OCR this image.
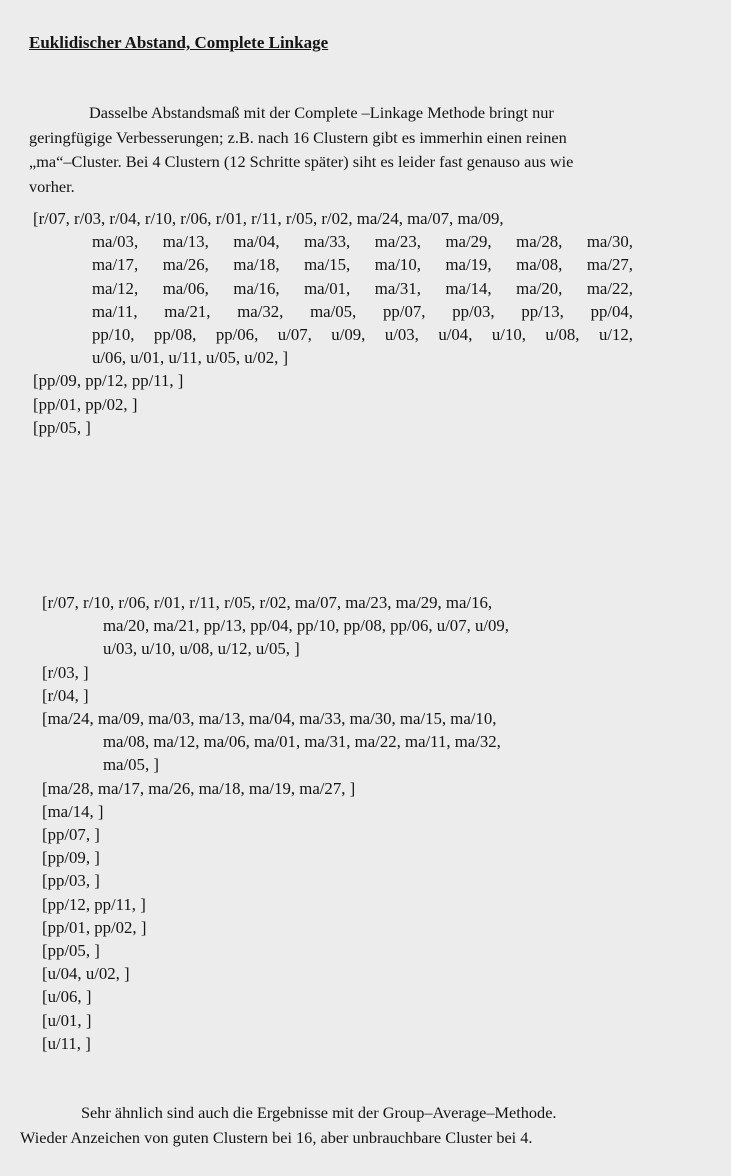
Euklidischer Abstand, Complete Linkage
Dasselbe Abstandsmaß mit der Complete –Linkage Methode bringt nur
geringfügige Verbesserungen; z.B. nach 16 Clustern gibt es immerhin einen reinen
„ma“–Cluster. Bei 4 Clustern (12 Schritte später) siht es leider fast genauso aus wie
vorher.
[r/07, r/03, r/04, r/10, r/06, r/01, r/11, r/05, r/02, ma/24, ma/07, ma/09,
ma/03, ma/13, ma/04, ma/33, ma/23, ma/29, ma/28, ma/30,
ma/17, ma/26, ma/18, ma/15, ma/10, ma/19, ma/08, ma/27,
ma/12, ma/06, ma/16, ma/01, ma/31, ma/14, ma/20, ma/22,
ma/11, ma/21, ma/32, ma/05, pp/07, pp/03, pp/13, pp/04,
pp/10, pp/08, pp/06, u/07, u/09, u/03, u/04, u/10, u/08, u/12,
u/06, u/01, u/11, u/05, u/02, ]
[pp/09, pp/12, pp/11, ]
[pp/01, pp/02, ]
[pp/05, ]
[r/07, r/10, r/06, r/01, r/11, r/05, r/02, ma/07, ma/23, ma/29, ma/16,
ma/20, ma/21, pp/13, pp/04, pp/10, pp/08, pp/06, u/07, u/09,
u/03, u/10, u/08, u/12, u/05, ]
[r/03, ]
[r/04, ]
[ma/24, ma/09, ma/03, ma/13, ma/04, ma/33, ma/30, ma/15, ma/10,
ma/08, ma/12, ma/06, ma/01, ma/31, ma/22, ma/11, ma/32,
ma/05, ]
[ma/28, ma/17, ma/26, ma/18, ma/19, ma/27, ]
[ma/14, ]
[pp/07, ]
[pp/09, ]
[pp/03, ]
[pp/12, pp/11, ]
[pp/01, pp/02, ]
[pp/05, ]
[u/04, u/02, ]
[u/06, ]
[u/01, ]
[u/11, ]
Sehr ähnlich sind auch die Ergebnisse mit der Group–Average–Methode.
Wieder Anzeichen von guten Clustern bei 16, aber unbrauchbare Cluster bei 4.
